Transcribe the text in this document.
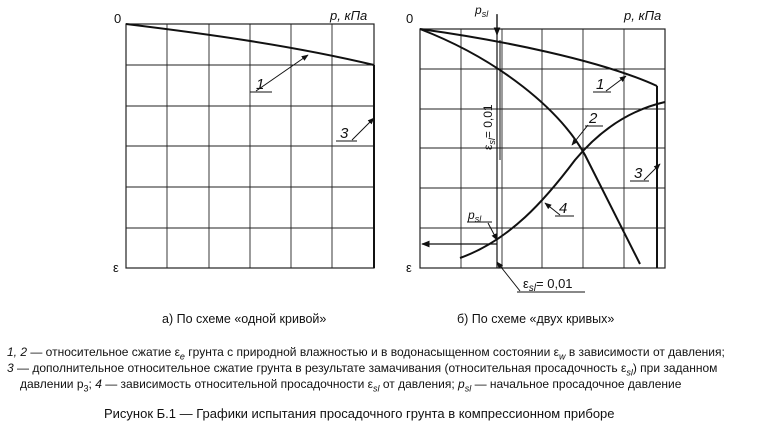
0	p, кПа
ε
1
3
0	p, кПа
ε
$p_{sl}$
$\varepsilon_{sl}= 0,01$
$p_{sl}$
$\varepsilon_{sl}= 0,01$
1
2
3
4
а) По схеме «одной кривой»	б) По схеме «двух кривых»
1, 2 — относительное сжатие $\varepsilon_e$ грунта с природной влажностью и в водонасыщенном состоянии $\varepsilon_w$ в зависимости от давления;
3 — дополнительное относительное сжатие грунта в результате замачивания (относительная просадочность $\varepsilon_{sl}$) при заданном
давлении $p_3$; 4 — зависимость относительной просадочности $\varepsilon_{sl}$ от давления; $p_{sl}$ — начальное просадочное давление
Рисунок Б.1 — Графики испытания просадочного грунта в компрессионном приборе
